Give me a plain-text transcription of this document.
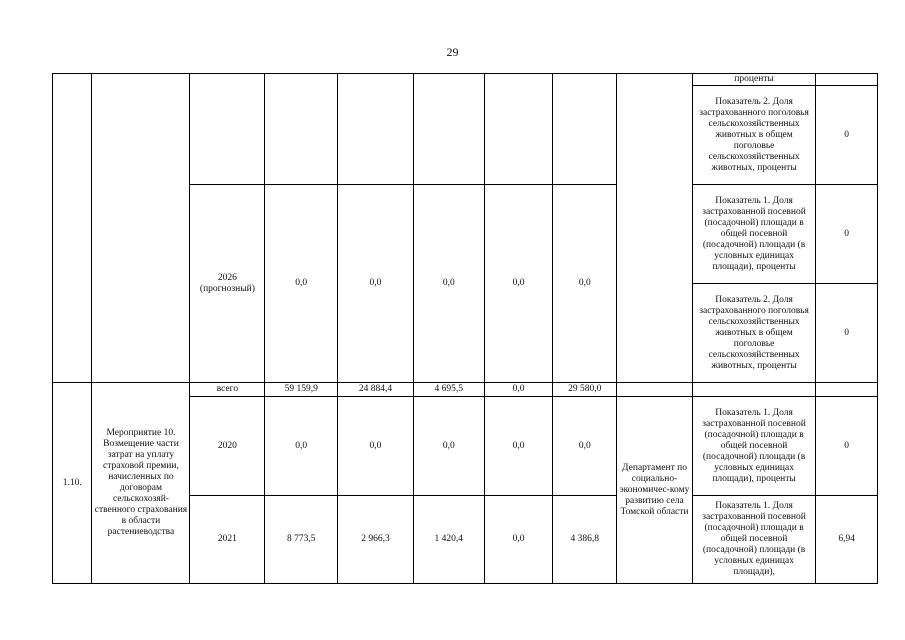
29
									проценты	
									Показатель 2. Доля застрахованного поголовья сельскохозяйственных животных в общем поголовье сельскохозяйственных животных, проценты	0
		2026 (прогнозный)	0,0	0,0	0,0	0,0	0,0		Показатель 1. Доля застрахованной посевной (посадочной) площади в общей посевной (посадочной) площади (в условных единицах площади), проценты	0
									Показатель 2. Доля застрахованного поголовья сельскохозяйственных животных в общем поголовье сельскохозяйственных животных, проценты	0
1.10.	Мероприятие 10. Возмещение части затрат на уплату страховой премии, начисленных по договорам сельскохозяй-ственного страхования в области растениеводства	всего	59 159,9	24 884,4	4 695,5	0,0	29 580,0			
		2020	0,0	0,0	0,0	0,0	0,0	Департамент по социально-экономичес-кому развитию села Томской области	Показатель 1. Доля застрахованной посевной (посадочной) площади в общей посевной (посадочной) площади (в условных единицах площади), проценты	0
		2021	8 773,5	2 966,3	1 420,4	0,0	4 386,8		Показатель 1. Доля застрахованной посевной (посадочной) площади в общей посевной (посадочной) площади (в условных единицах площади),	6,94
